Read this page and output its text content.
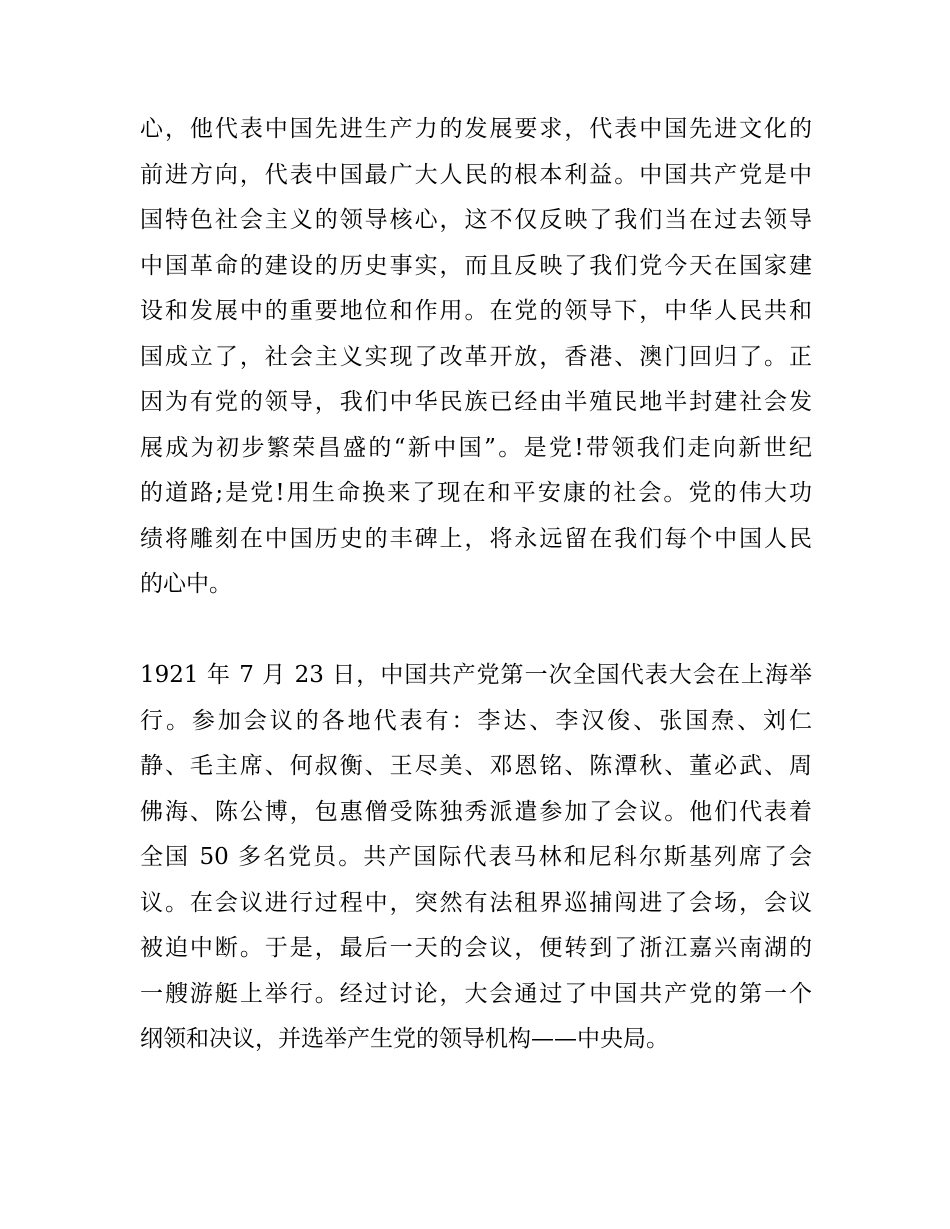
心，他代表中国先进生产力的发展要求，代表中国先进文化的
前进方向，代表中国最广大人民的根本利益。中国共产党是中
国特色社会主义的领导核心，这不仅反映了我们当在过去领导
中国革命的建设的历史事实，而且反映了我们党今天在国家建
设和发展中的重要地位和作用。在党的领导下，中华人民共和
国成立了，社会主义实现了改革开放，香港、澳门回归了。正
因为有党的领导，我们中华民族已经由半殖民地半封建社会发
展成为初步繁荣昌盛的“新中国”。是党!带领我们走向新世纪
的道路;是党!用生命换来了现在和平安康的社会。党的伟大功
绩将雕刻在中国历史的丰碑上，将永远留在我们每个中国人民
的心中。
1921 年 7 月 23 日，中国共产党第一次全国代表大会在上海举
行。参加会议的各地代表有：李达、李汉俊、张国焘、刘仁
静、毛主席、何叔衡、王尽美、邓恩铭、陈潭秋、董必武、周
佛海、陈公博，包惠僧受陈独秀派遣参加了会议。他们代表着
全国 50 多名党员。共产国际代表马林和尼科尔斯基列席了会
议。在会议进行过程中，突然有法租界巡捕闯进了会场，会议
被迫中断。于是，最后一天的会议，便转到了浙江嘉兴南湖的
一艘游艇上举行。经过讨论，大会通过了中国共产党的第一个
纲领和决议，并选举产生党的领导机构——中央局。
